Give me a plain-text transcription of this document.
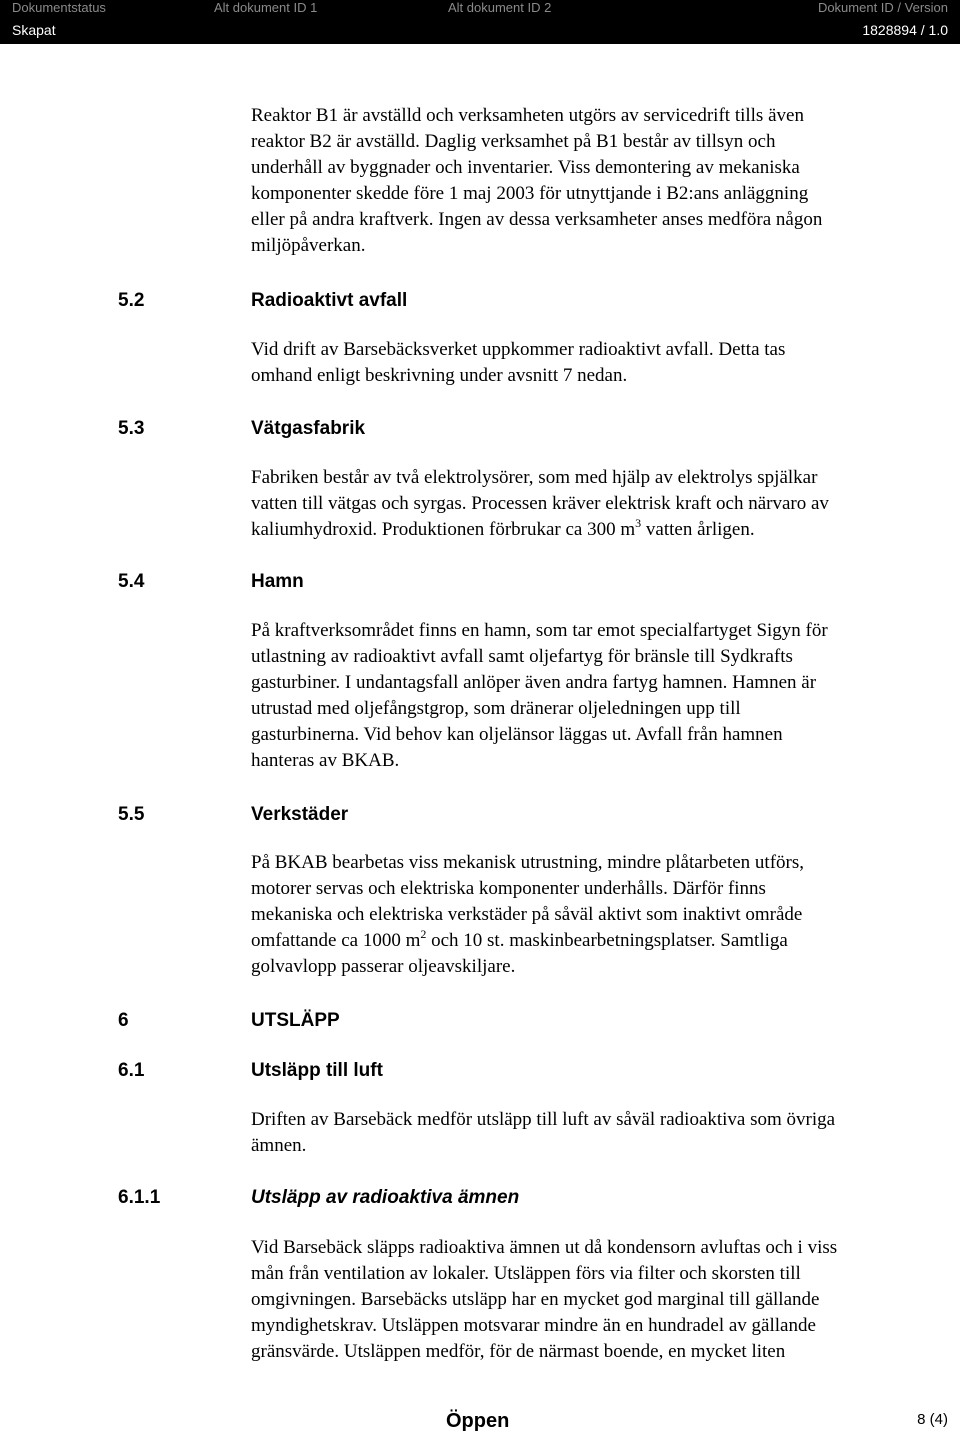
Dokumentstatus	Alt dokument ID 1	Alt dokument ID 2	Dokument ID / Version
Skapat	1828894 / 1.0
Reaktor B1 är avställd och verksamheten utgörs av servicedrift tills även
reaktor B2 är avställd. Daglig verksamhet på B1 består av tillsyn och
underhåll av byggnader och inventarier. Viss demontering av mekaniska
komponenter skedde före 1 maj 2003 för utnyttjande i B2:ans anläggning
eller på andra kraftverk. Ingen av dessa verksamheter anses medföra någon
miljöpåverkan.
5.2	Radioaktivt avfall
Vid drift av Barsebäcksverket uppkommer radioaktivt avfall. Detta tas
omhand enligt beskrivning under avsnitt 7 nedan.
5.3	Vätgasfabrik
Fabriken består av två elektrolysörer, som med hjälp av elektrolys spjälkar
vatten till vätgas och syrgas. Processen kräver elektrisk kraft och närvaro av
kaliumhydroxid. Produktionen förbrukar ca 300 $m^3$ vatten årligen.
5.4	Hamn
På kraftverksområdet finns en hamn, som tar emot specialfartyget Sigyn för
utlastning av radioaktivt avfall samt oljefartyg för bränsle till Sydkrafts
gasturbiner. I undantagsfall anlöper även andra fartyg hamnen. Hamnen är
utrustad med oljefångstgrop, som dränerar oljeledningen upp till
gasturbinerna. Vid behov kan oljelänsor läggas ut. Avfall från hamnen
hanteras av BKAB.
5.5	Verkstäder
På BKAB bearbetas viss mekanisk utrustning, mindre plåtarbeten utförs,
motorer servas och elektriska komponenter underhålls. Därför finns
mekaniska och elektriska verkstäder på såväl aktivt som inaktivt område
omfattande ca 1000 $m^2$ och 10 st. maskinbearbetningsplatser. Samtliga
golvavlopp passerar oljeavskiljare.
6	UTSLÄPP
6.1	Utsläpp till luft
Driften av Barsebäck medför utsläpp till luft av såväl radioaktiva som övriga
ämnen.
6.1.1	Utsläpp av radioaktiva ämnen
Vid Barsebäck släpps radioaktiva ämnen ut då kondensorn avluftas och i viss
mån från ventilation av lokaler. Utsläppen förs via filter och skorsten till
omgivningen. Barsebäcks utsläpp har en mycket god marginal till gällande
myndighetskrav. Utsläppen motsvarar mindre än en hundradel av gällande
gränsvärde. Utsläppen medför, för de närmast boende, en mycket liten
Öppen	8 (4)
